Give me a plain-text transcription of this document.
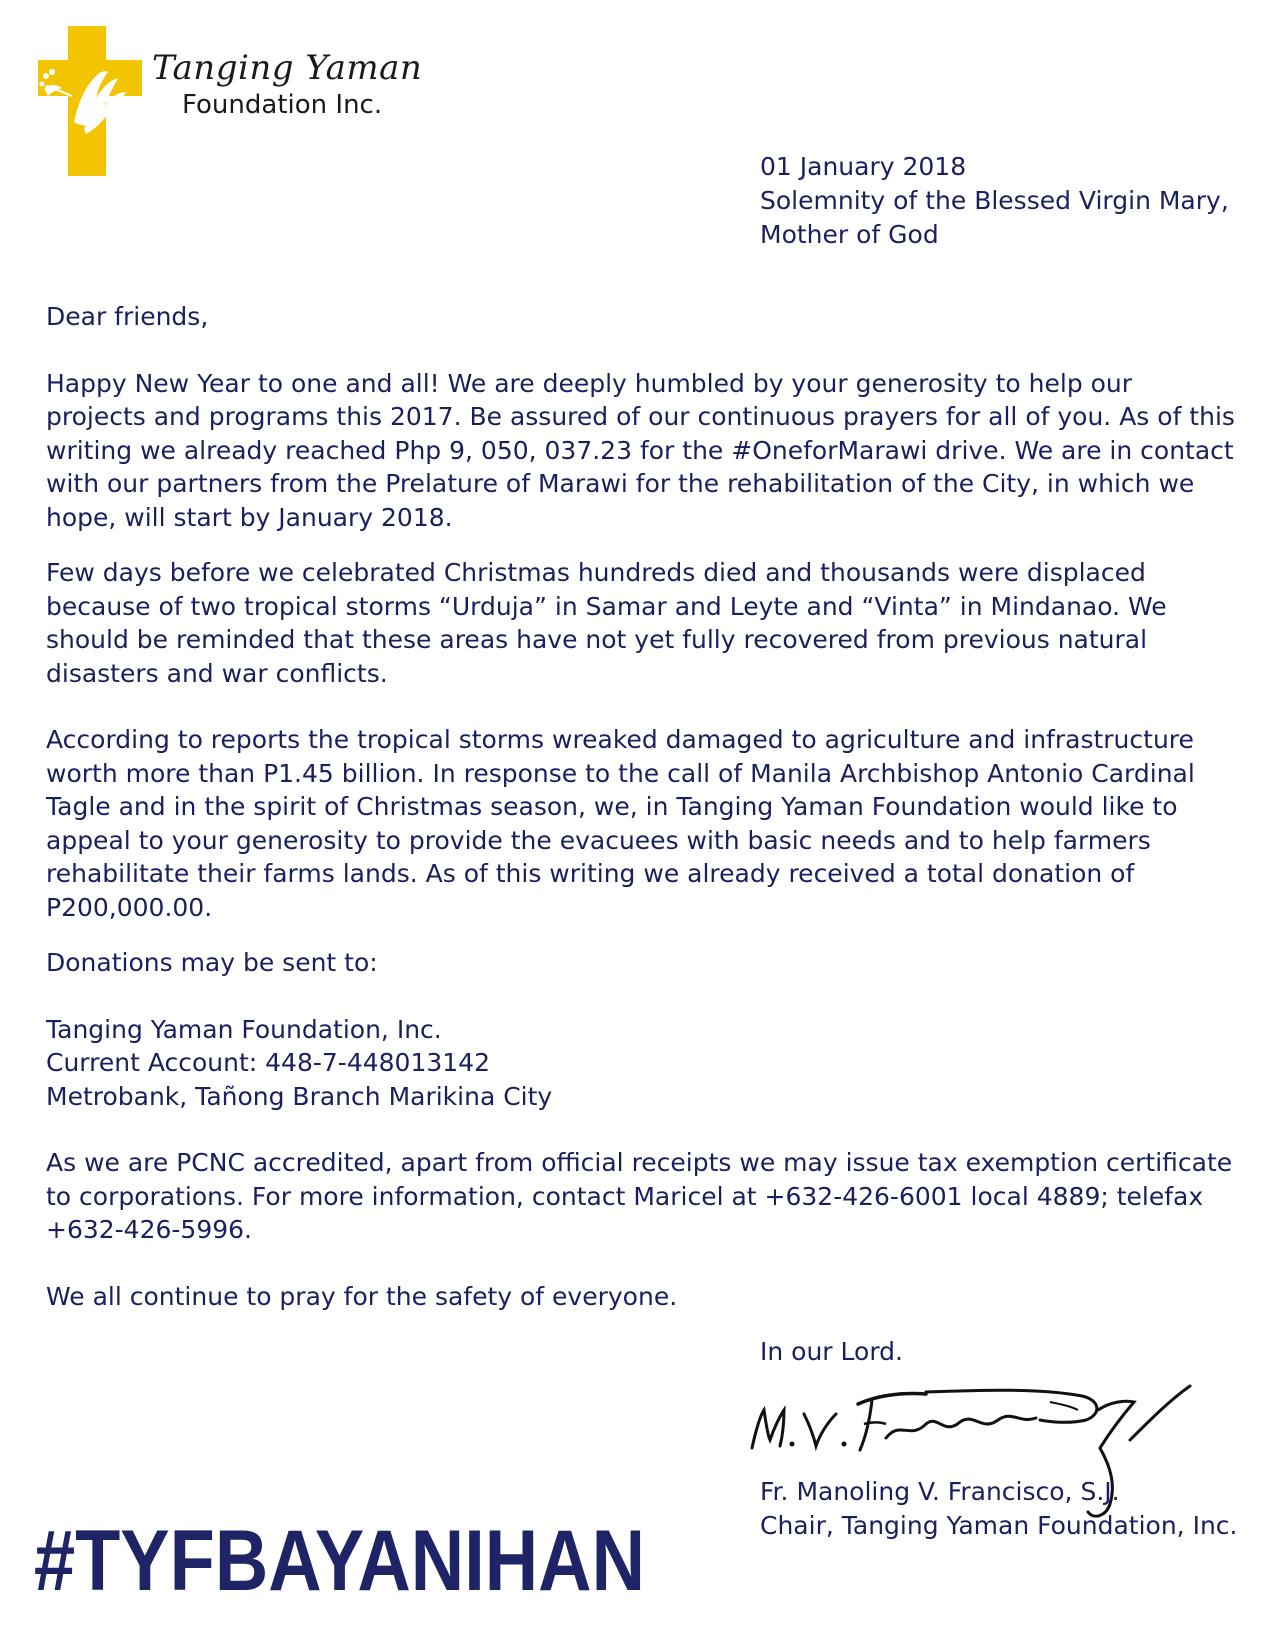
Tanging Yaman
Foundation Inc.
01 January 2018
Solemnity of the Blessed Virgin Mary,
Mother of God

Dear friends,

Happy New Year to one and all! We are deeply humbled by your generosity to help our projects and programs this 2017. Be assured of our continuous prayers for all of you. As of this writing we already reached Php 9, 050, 037.23 for the #OneforMarawi drive. We are in contact with our partners from the Prelature of Marawi for the rehabilitation of the City, in which we hope, will start by January 2018.

Few days before we celebrated Christmas hundreds died and thousands were displaced because of two tropical storms “Urduja” in Samar and Leyte and “Vinta” in Mindanao. We should be reminded that these areas have not yet fully recovered from previous natural disasters and war conflicts.

According to reports the tropical storms wreaked damaged to agriculture and infrastructure worth more than P1.45 billion. In response to the call of Manila Archbishop Antonio Cardinal Tagle and in the spirit of Christmas season, we, in Tanging Yaman Foundation would like to appeal to your generosity to provide the evacuees with basic needs and to help farmers rehabilitate their farms lands. As of this writing we already received a total donation of P200,000.00.

Donations may be sent to:

Tanging Yaman Foundation, Inc.
Current Account: 448-7-448013142
Metrobank, Tañong Branch Marikina City

As we are PCNC accredited, apart from official receipts we may issue tax exemption certificate to corporations. For more information, contact Maricel at +632-426-6001 local 4889; telefax +632-426-5996.

We all continue to pray for the safety of everyone.

In our Lord.
Fr. Manoling V. Francisco, S.J.
Chair, Tanging Yaman Foundation, Inc.
#TYFBAYANIHAN
